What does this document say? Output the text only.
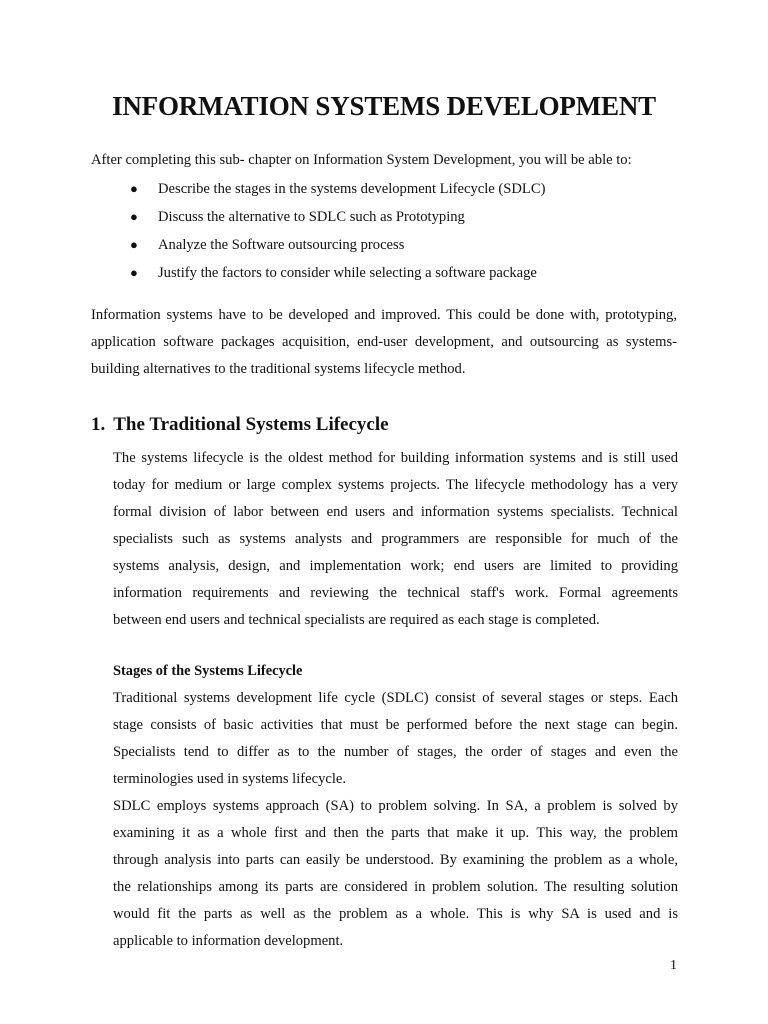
INFORMATION SYSTEMS DEVELOPMENT

After completing this sub- chapter on Information System Development, you will be able to:

● Describe the stages in the systems development Lifecycle (SDLC)
● Discuss the alternative to SDLC such as Prototyping
● Analyze the Software outsourcing process
● Justify the factors to consider while selecting a software package
Information systems have to be developed and improved. This could be done with, prototyping,
application software packages acquisition, end-user development, and outsourcing as systems-
building alternatives to the traditional systems lifecycle method.
1. The Traditional Systems Lifecycle
The systems lifecycle is the oldest method for building information systems and is still used
today for medium or large complex systems projects. The lifecycle methodology has a very
formal division of labor between end users and information systems specialists. Technical
specialists such as systems analysts and programmers are responsible for much of the
systems analysis, design, and implementation work; end users are limited to providing
information requirements and reviewing the technical staff's work. Formal agreements
between end users and technical specialists are required as each stage is completed.
Stages of the Systems Lifecycle
Traditional systems development life cycle (SDLC) consist of several stages or steps. Each
stage consists of basic activities that must be performed before the next stage can begin.
Specialists tend to differ as to the number of stages, the order of stages and even the
terminologies used in systems lifecycle.
SDLC employs systems approach (SA) to problem solving. In SA, a problem is solved by
examining it as a whole first and then the parts that make it up. This way, the problem
through analysis into parts can easily be understood. By examining the problem as a whole,
the relationships among its parts are considered in problem solution. The resulting solution
would fit the parts as well as the problem as a whole. This is why SA is used and is
applicable to information development.

1
